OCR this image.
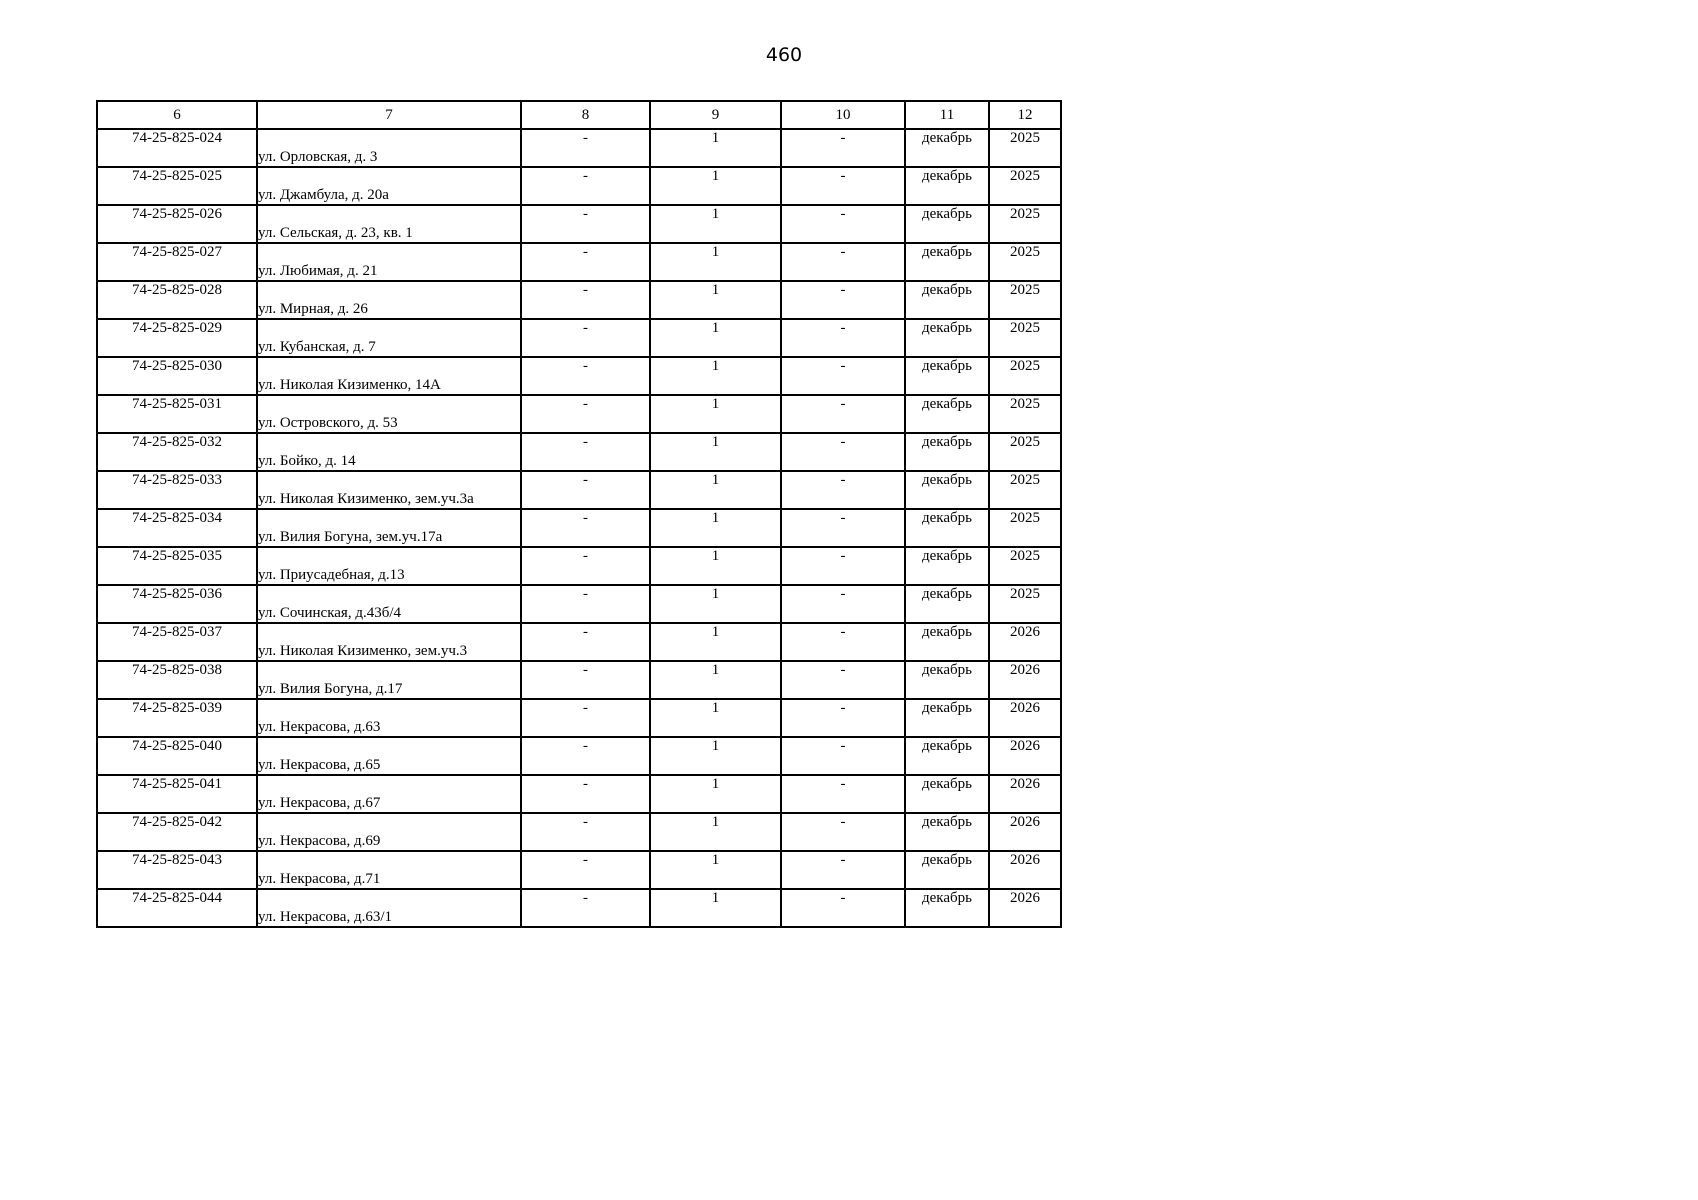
460
6	7	8	9	10	11	12
74-25-825-024	ул. Орловская, д. 3	-	1	-	декабрь	2025
74-25-825-025	ул. Джамбула, д. 20а	-	1	-	декабрь	2025
74-25-825-026	ул. Сельская, д. 23, кв. 1	-	1	-	декабрь	2025
74-25-825-027	ул. Любимая, д. 21	-	1	-	декабрь	2025
74-25-825-028	ул. Мирная, д. 26	-	1	-	декабрь	2025
74-25-825-029	ул. Кубанская, д. 7	-	1	-	декабрь	2025
74-25-825-030	ул. Николая Кизименко, 14А	-	1	-	декабрь	2025
74-25-825-031	ул. Островского, д. 53	-	1	-	декабрь	2025
74-25-825-032	ул. Бойко, д. 14	-	1	-	декабрь	2025
74-25-825-033	ул. Николая Кизименко, зем.уч.3а	-	1	-	декабрь	2025
74-25-825-034	ул. Вилия Богуна, зем.уч.17а	-	1	-	декабрь	2025
74-25-825-035	ул. Приусадебная, д.13	-	1	-	декабрь	2025
74-25-825-036	ул. Сочинская, д.43б/4	-	1	-	декабрь	2025
74-25-825-037	ул. Николая Кизименко, зем.уч.3	-	1	-	декабрь	2026
74-25-825-038	ул. Вилия Богуна, д.17	-	1	-	декабрь	2026
74-25-825-039	ул. Некрасова, д.63	-	1	-	декабрь	2026
74-25-825-040	ул. Некрасова, д.65	-	1	-	декабрь	2026
74-25-825-041	ул. Некрасова, д.67	-	1	-	декабрь	2026
74-25-825-042	ул. Некрасова, д.69	-	1	-	декабрь	2026
74-25-825-043	ул. Некрасова, д.71	-	1	-	декабрь	2026
74-25-825-044	ул. Некрасова, д.63/1	-	1	-	декабрь	2026
